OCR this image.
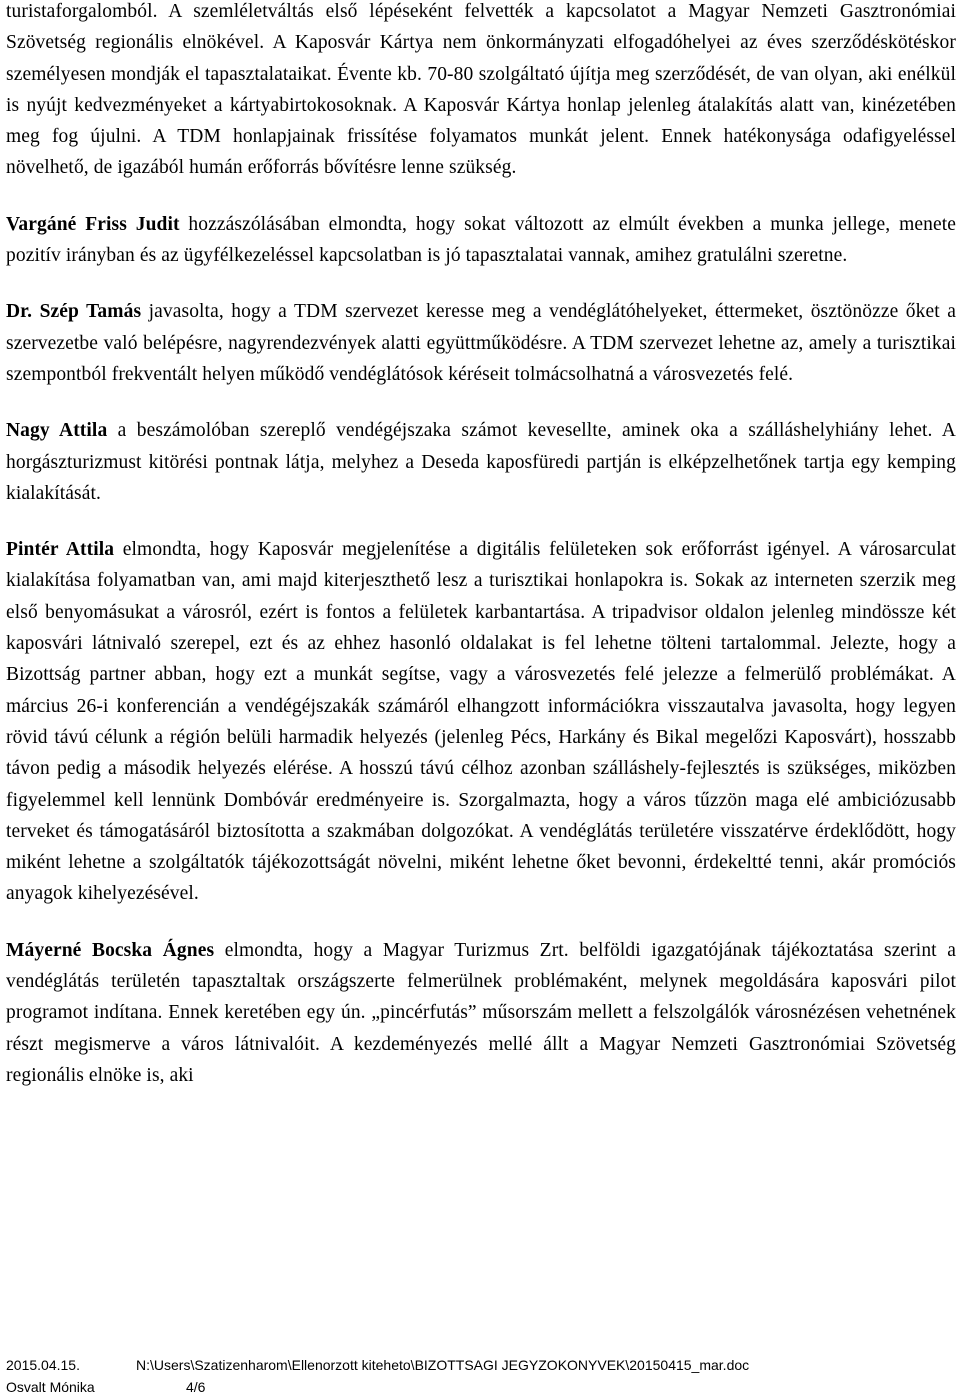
turistaforgalomból. A szemléletváltás első lépéseként felvették a kapcsolatot a Magyar Nemzeti Gasztronómiai Szövetség regionális elnökével. A Kaposvár Kártya nem önkormányzati elfogadóhelyei az éves szerződéskötéskor személyesen mondják el tapasztalataikat. Évente kb. 70-80 szolgáltató újítja meg szerződését, de van olyan, aki enélkül is nyújt kedvezményeket a kártyabirtokosoknak. A Kaposvár Kártya honlap jelenleg átalakítás alatt van, kinézetében meg fog újulni. A TDM honlapjainak frissítése folyamatos munkát jelent. Ennek hatékonysága odafigyeléssel növelhető, de igazából humán erőforrás bővítésre lenne szükség.

Vargáné Friss Judit hozzászólásában elmondta, hogy sokat változott az elmúlt években a munka jellege, menete pozitív irányban és az ügyfélkezeléssel kapcsolatban is jó tapasztalatai vannak, amihez gratulálni szeretne.

Dr. Szép Tamás javasolta, hogy a TDM szervezet keresse meg a vendéglátóhelyeket, éttermeket, ösztönözze őket a szervezetbe való belépésre, nagyrendezvények alatti együttműködésre. A TDM szervezet lehetne az, amely a turisztikai szempontból frekventált helyen működő vendéglátósok kéréseit tolmácsolhatná a városvezetés felé.

Nagy Attila a beszámolóban szereplő vendégéjszaka számot kevesellte, aminek oka a szálláshelyhiány lehet. A horgászturizmust kitörési pontnak látja, melyhez a Deseda kaposfüredi partján is elképzelhetőnek tartja egy kemping kialakítását.

Pintér Attila elmondta, hogy Kaposvár megjelenítése a digitális felületeken sok erőforrást igényel. A városarculat kialakítása folyamatban van, ami majd kiterjeszthető lesz a turisztikai honlapokra is. Sokak az interneten szerzik meg első benyomásukat a városról, ezért is fontos a felületek karbantartása. A tripadvisor oldalon jelenleg mindössze két kaposvári látnivaló szerepel, ezt és az ehhez hasonló oldalakat is fel lehetne tölteni tartalommal. Jelezte, hogy a Bizottság partner abban, hogy ezt a munkát segítse, vagy a városvezetés felé jelezze a felmerülő problémákat. A március 26-i konferencián a vendégéjszakák számáról elhangzott információkra visszautalva javasolta, hogy legyen rövid távú célunk a régión belüli harmadik helyezés (jelenleg Pécs, Harkány és Bikal megelőzi Kaposvárt), hosszabb távon pedig a második helyezés elérése. A hosszú távú célhoz azonban szálláshely-fejlesztés is szükséges, miközben figyelemmel kell lennünk Dombóvár eredményeire is. Szorgalmazta, hogy a város tűzzön maga elé ambiciózusabb terveket és támogatásáról biztosította a szakmában dolgozókat. A vendéglátás területére visszatérve érdeklődött, hogy miként lehetne a szolgáltatók tájékozottságát növelni, miként lehetne őket bevonni, érdekeltté tenni, akár promóciós anyagok kihelyezésével.

Máyerné Bocska Ágnes elmondta, hogy a Magyar Turizmus Zrt. belföldi igazgatójának tájékoztatása szerint a vendéglátás területén tapasztaltak országszerte felmerülnek problémaként, melynek megoldására kaposvári pilot programot indítana. Ennek keretében egy ún. „pincérfutás” műsorszám mellett a felszolgálók városnézésen vehetnének részt megismerve a város látnivalóit. A kezdeményezés mellé állt a Magyar Nemzeti Gasztronómiai Szövetség regionális elnöke is, aki

2015.04.15.	N:\Users\Szatizenharom\Ellenorzott kiteheto\BIZOTTSAGI JEGYZOKONYVEK\20150415_mar.doc
Osvalt Mónika	4/6
